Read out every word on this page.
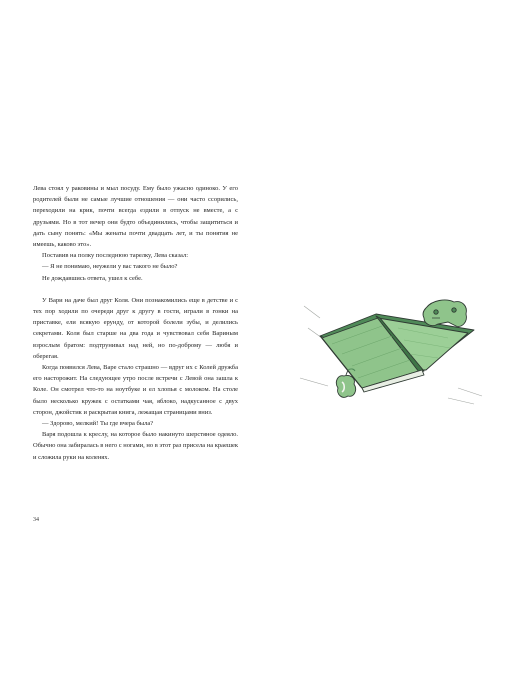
Лева стоял у раковины и мыл посуду. Ему было ужасно одиноко. У его родителей были не самые лучшие отношения — они часто ссорились, переходили на крик, почти всегда ездили в отпуск не вместе, а с друзьями. Но в тот вечер они будто объединились, чтобы защититься и дать сыну понять: «Мы женаты почти двадцать лет, и ты понятия не имеешь, каково это».

Поставив на полку последнюю тарелку, Лева сказал:

— Я не понимаю, неужели у вас такого не было?

Не дождавшись ответа, ушел к себе.

У Вари на даче был друг Коля. Они познакомились еще в детстве и с тех пор ходили по очереди друг к другу в гости, играли в гонки на приставке, ели всякую ерунду, от которой болели зубы, и делились секретами. Коля был старше на два года и чувствовал себя Вариным взрослым братом: подтрунивал над ней, но по-доброму — любя и оберегая.

Когда появился Лева, Варе стало страшно — вдруг их с Колей дружба его насторожит. На следующее утро после встречи с Левой она зашла к Коле. Он смотрел что-то на ноутбуке и ел хлопья с молоком. На столе было несколько кружек с остатками чая, яблоко, надкусанное с двух сторон, джойстик и раскрытая книга, лежащая страницами вниз.

— Здорово, мелкий! Ты где вчера была?

Варя подошла к креслу, на которое было накинуто шерстяное одеяло. Обычно она забиралась в него с ногами, но в этот раз присела на краешек и сложила руки на коленях.

34
